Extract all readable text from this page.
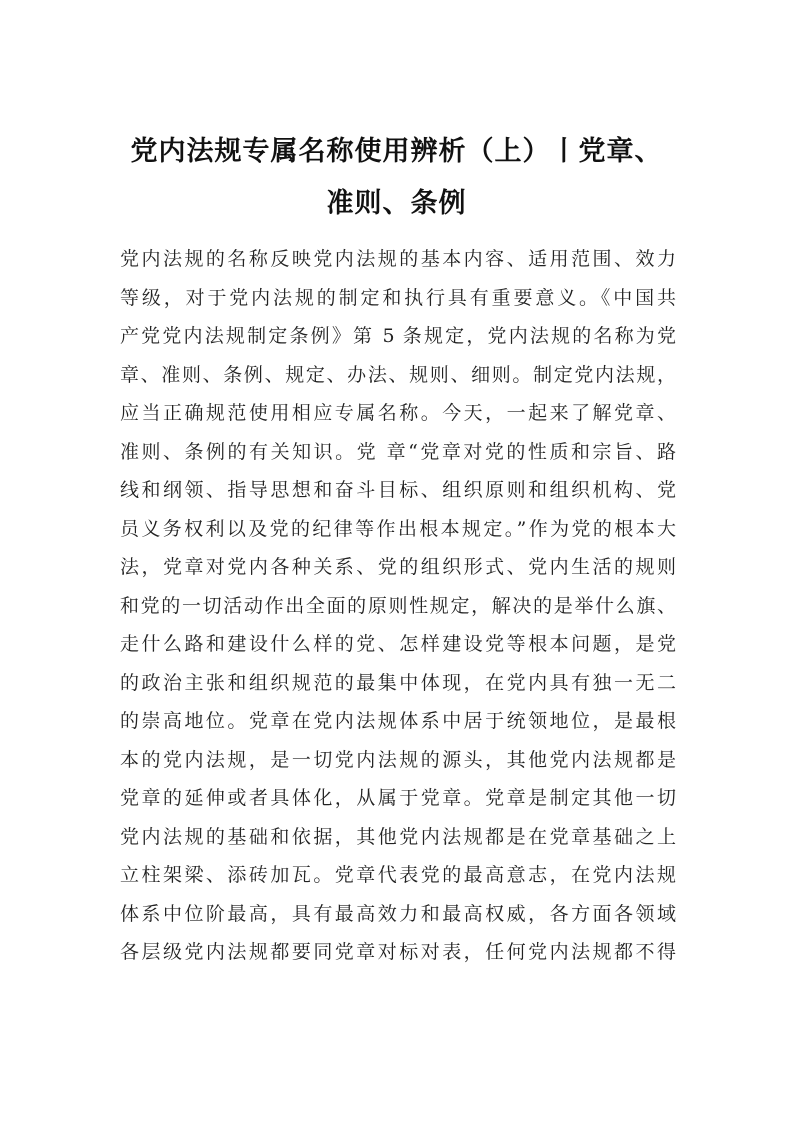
党内法规专属名称使用辨析（上）丨党章、
准则、条例
党内法规的名称反映党内法规的基本内容、适用范围、效力
等级，对于党内法规的制定和执行具有重要意义。《中国共
产党党内法规制定条例》第 5 条规定，党内法规的名称为党
章、准则、条例、规定、办法、规则、细则。制定党内法规，
应当正确规范使用相应专属名称。今天，一起来了解党章、
准则、条例的有关知识。党 章“党章对党的性质和宗旨、路
线和纲领、指导思想和奋斗目标、组织原则和组织机构、党
员义务权利以及党的纪律等作出根本规定。”作为党的根本大
法，党章对党内各种关系、党的组织形式、党内生活的规则
和党的一切活动作出全面的原则性规定，解决的是举什么旗、
走什么路和建设什么样的党、怎样建设党等根本问题，是党
的政治主张和组织规范的最集中体现，在党内具有独一无二
的崇高地位。党章在党内法规体系中居于统领地位，是最根
本的党内法规，是一切党内法规的源头，其他党内法规都是
党章的延伸或者具体化，从属于党章。党章是制定其他一切
党内法规的基础和依据，其他党内法规都是在党章基础之上
立柱架梁、添砖加瓦。党章代表党的最高意志，在党内法规
体系中位阶最高，具有最高效力和最高权威，各方面各领域
各层级党内法规都要同党章对标对表，任何党内法规都不得
